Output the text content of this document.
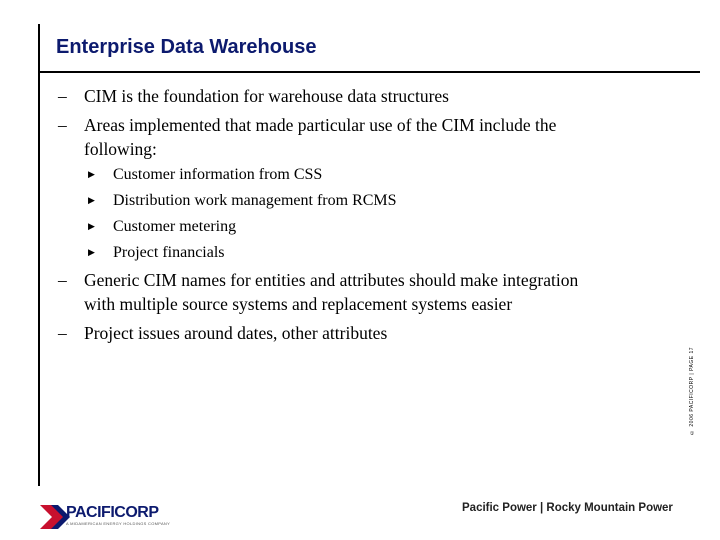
Enterprise Data Warehouse
© 2006 PACIFICORP | PAGE 17
– CIM is the foundation for warehouse data structures
– Areas implemented that made particular use of the CIM include the
following:
▶ Customer information from CSS
▶ Distribution work management from RCMS
▶ Customer metering
▶ Project financials
– Generic CIM names for entities and attributes should make integration
with multiple source systems and replacement systems easier
– Project issues around dates, other attributes
PACIFICORP
A MIDAMERICAN ENERGY HOLDINGS COMPANY
Pacific Power | Rocky Mountain Power
